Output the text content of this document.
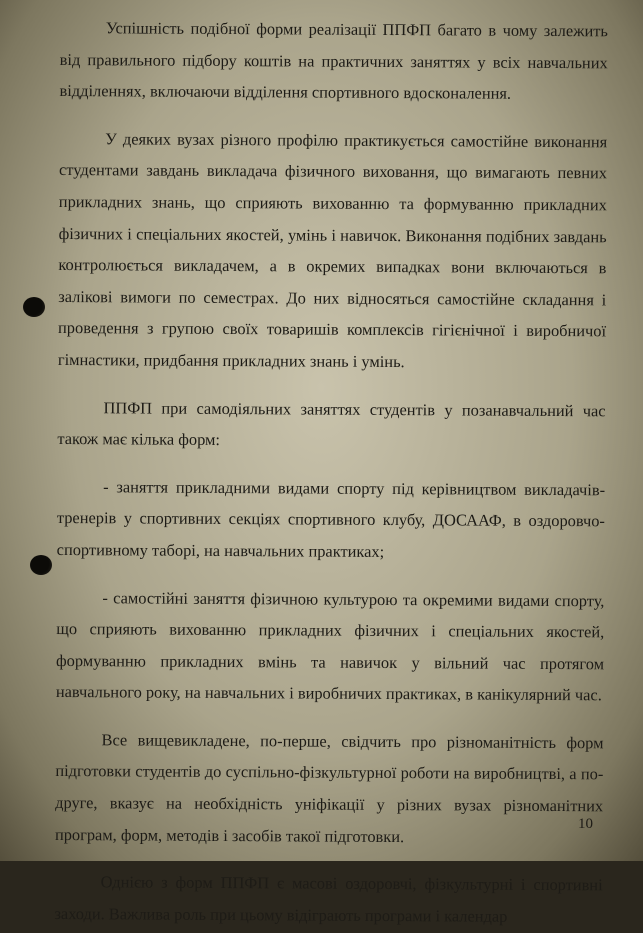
Успішність подібної форми реалізації ППФП багато в чому залежить від правильного підбору коштів на практичних заняттях у всіх навчальних відділеннях, включаючи відділення спортивного вдосконалення.

У деяких вузах різного профілю практикується самостійне виконання студентами завдань викладача фізичного виховання, що вимагають певних прикладних знань, що сприяють вихованню та формуванню прикладних фізичних і спеціальних якостей, умінь і навичок. Виконання подібних завдань контролюється викладачем, а в окремих випадках вони включаються в залікові вимоги по семестрах. До них відносяться самостійне складання і проведення з групою своїх товаришів комплексів гігієнічної і виробничої гімнастики, придбання прикладних знань і умінь.

ППФП при самодіяльних заняттях студентів у позанавчальний час також має кілька форм:

- заняття прикладними видами спорту під керівництвом викладачів-тренерів у спортивних секціях спортивного клубу, ДОСААФ, в оздоровчо-спортивному таборі, на навчальних практиках;

- самостійні заняття фізичною культурою та окремими видами спорту, що сприяють вихованню прикладних фізичних і спеціальних якостей, формуванню прикладних вмінь та навичок у вільний час протягом навчального року, на навчальних і виробничих практиках, в канікулярний час.

Все вищевикладене, по-перше, свідчить про різноманітність форм підготовки студентів до суспільно-фізкультурної роботи на виробництві, а по-друге, вказує на необхідність уніфікації у різних вузах різноманітних програм, форм, методів і засобів такої підготовки.

Однією з форм ППФП є масові оздоровчі, фізкультурні і спортивні заходи. Важлива роль при цьому відіграють програми і календар

10
